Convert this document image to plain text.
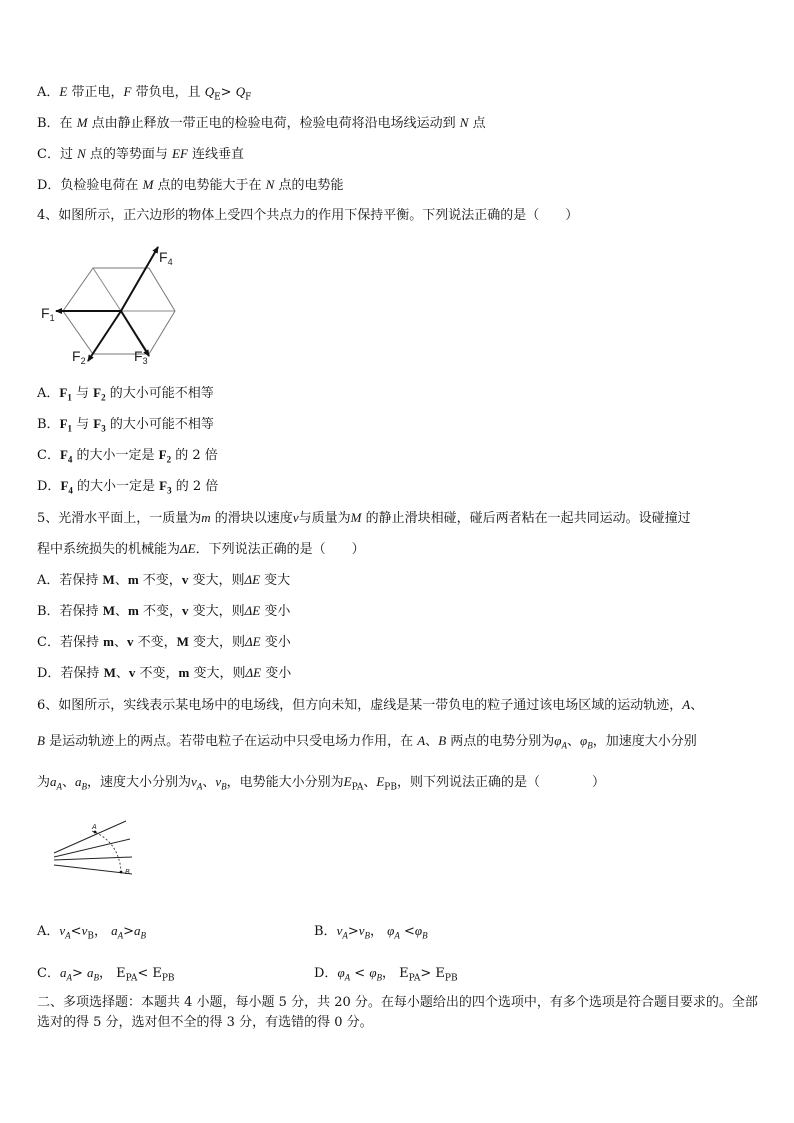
A．E 带正电，F 带负电，且 $Q_E> Q_F$
B．在 M 点由静止释放一带正电的检验电荷，检验电荷将沿电场线运动到 N 点
C．过 N 点的等势面与 EF 连线垂直
D．负检验电荷在 M 点的电势能大于在 N 点的电势能
4、如图所示，正六边形的物体上受四个共点力的作用下保持平衡。下列说法正确的是（　　）
$F_1$
$F_2$	$F_3$
$F_4$
A．$F_1$ 与 $F_2$ 的大小可能不相等
B．$F_1$ 与 $F_3$ 的大小可能不相等
C．$F_4$ 的大小一定是 $F_2$ 的 2 倍
D．$F_4$ 的大小一定是 $F_3$ 的 2 倍
5、光滑水平面上，一质量为m 的滑块以速度v与质量为M 的静止滑块相碰，碰后两者粘在一起共同运动。设碰撞过
程中系统损失的机械能为ΔE．下列说法正确的是（　　）
A．若保持 M、m 不变，v 变大，则ΔE 变大
B．若保持 M、m 不变，v 变大，则ΔE 变小
C．若保持 m、v 不变，M 变大，则ΔE 变小
D．若保持 M、v 不变，m 变大，则ΔE 变小
6、如图所示，实线表示某电场中的电场线，但方向未知，虚线是某一带负电的粒子通过该电场区域的运动轨迹，A、
B 是运动轨迹上的两点。若带电粒子在运动中只受电场力作用，在 A、B 两点的电势分别为$\varphi_A$、$\varphi_B$，加速度大小分别
为$a_A$、$a_B$，速度大小分别为$v_A$、$v_B$，电势能大小分别为$E_{PA}$、$E_{PB}$，则下列说法正确的是（　　　　）
A
B
A．$v_A<v_B$， $a_A>a_B$	B．$v_A>v_B$， $\varphi_A <\varphi_B$
C．$a_A> a_B$， $E_{PA}< E_{PB}$	D．$\varphi_A < \varphi_B$， $E_{PA}> E_{PB}$
二、多项选择题：本题共 4 小题，每小题 5 分，共 20 分。在每小题给出的四个选项中，有多个选项是符合题目要求的。全部选对的得 5 分，选对但不全的得 3 分，有选错的得 0 分。
